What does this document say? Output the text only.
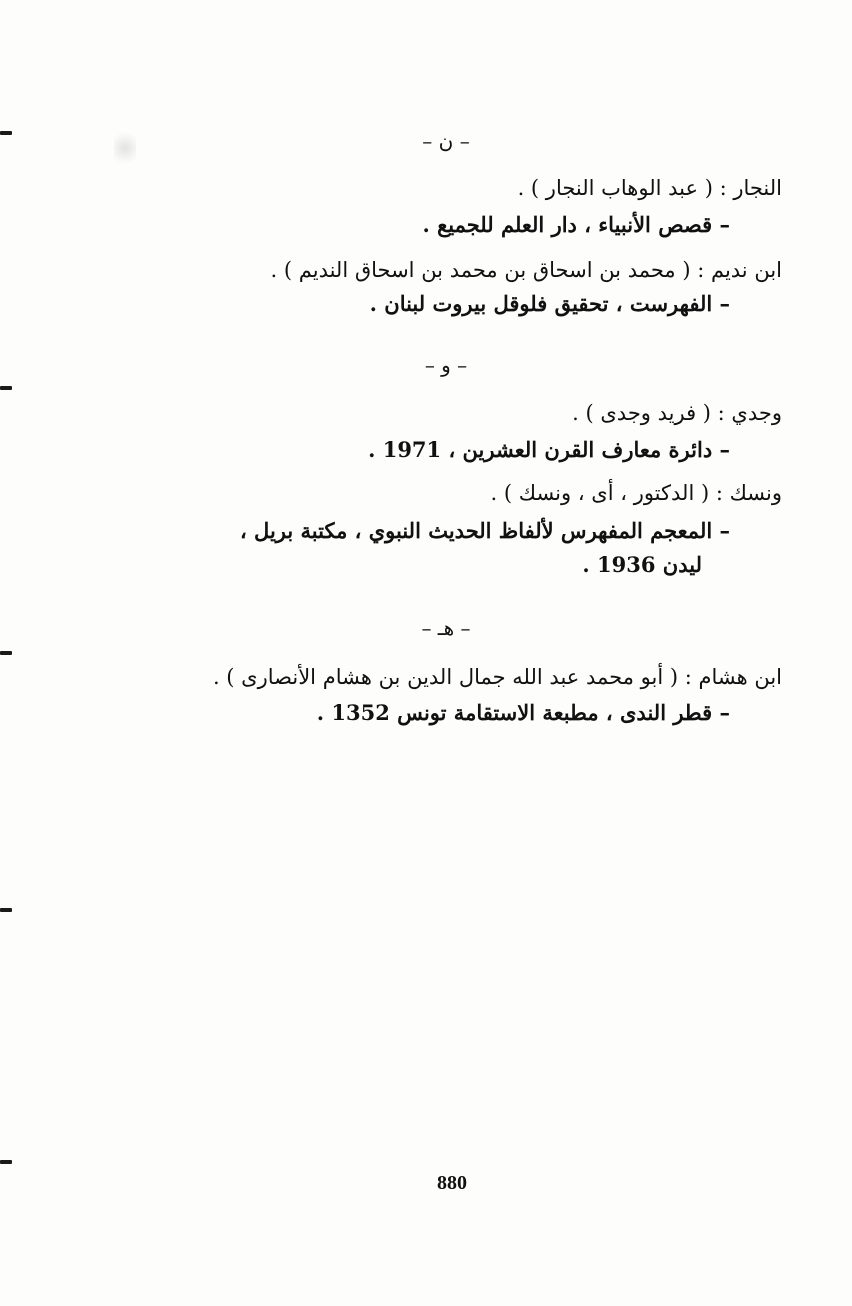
– ن –
النجار : ( عبد الوهاب النجار ) .
– قصص الأنبياء ، دار العلم للجميع .
ابن نديم : ( محمد بن اسحاق بن محمد بن اسحاق النديم ) .
– الفهرست ، تحقيق فلوقل بيروت لبنان .
– و –
وجدي : ( فريد وجدى ) .
– دائرة معارف القرن العشرين ، 1971 .
ونسك : ( الدكتور ، أى ، ونسك ) .
– المعجم المفهرس لألفاظ الحديث النبوي ، مكتبة بريل ،
ليدن 1936 .
– هـ –
ابن هشام : ( أبو محمد عبد الله جمال الدين بن هشام الأنصارى ) .
– قطر الندى ، مطبعة الاستقامة تونس 1352 .
880
